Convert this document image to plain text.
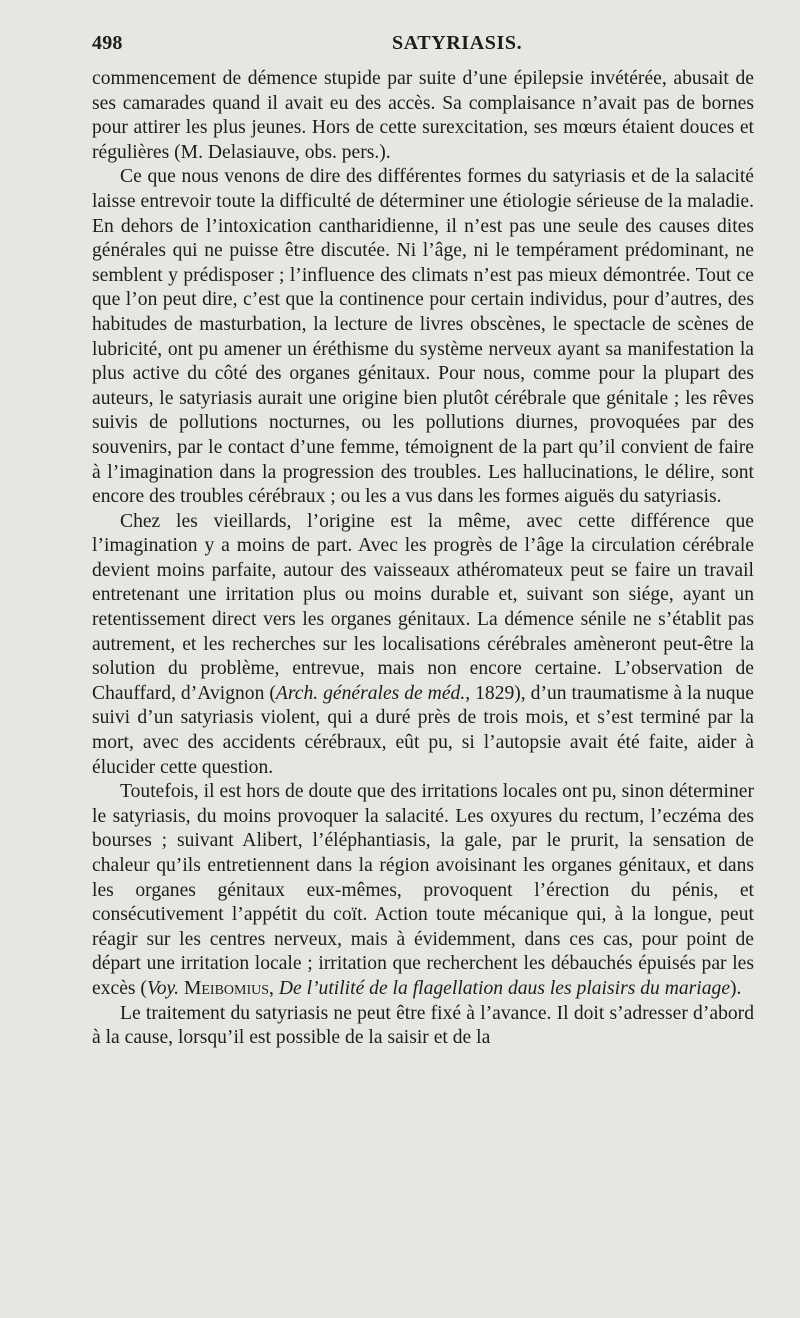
498	SATYRIASIS.

commencement de démence stupide par suite d’une épilepsie invétérée, abusait de ses camarades quand il avait eu des accès. Sa complaisance n’avait pas de bornes pour attirer les plus jeunes. Hors de cette surexcitation, ses mœurs étaient douces et régulières (M. Delasiauve, obs. pers.).

Ce que nous venons de dire des différentes formes du satyriasis et de la salacité laisse entrevoir toute la difficulté de déterminer une étiologie sérieuse de la maladie. En dehors de l’intoxication cantharidienne, il n’est pas une seule des causes dites générales qui ne puisse être discutée. Ni l’âge, ni le tempérament prédominant, ne semblent y prédisposer ; l’influence des climats n’est pas mieux démontrée. Tout ce que l’on peut dire, c’est que la continence pour certain individus, pour d’autres, des habitudes de masturbation, la lecture de livres obscènes, le spectacle de scènes de lubricité, ont pu amener un éréthisme du système nerveux ayant sa manifestation la plus active du côté des organes génitaux. Pour nous, comme pour la plupart des auteurs, le satyriasis aurait une origine bien plutôt cérébrale que génitale ; les rêves suivis de pollutions nocturnes, ou les pollutions diurnes, provoquées par des souvenirs, par le contact d’une femme, témoignent de la part qu’il convient de faire à l’imagination dans la progression des troubles. Les hallucinations, le délire, sont encore des troubles cérébraux ; ou les a vus dans les formes aiguës du satyriasis.

Chez les vieillards, l’origine est la même, avec cette différence que l’imagination y a moins de part. Avec les progrès de l’âge la circulation cérébrale devient moins parfaite, autour des vaisseaux athéromateux peut se faire un travail entretenant une irritation plus ou moins durable et, suivant son siége, ayant un retentissement direct vers les organes génitaux. La démence sénile ne s’établit pas autrement, et les recherches sur les localisations cérébrales amèneront peut-être la solution du problème, entrevue, mais non encore certaine. L’observation de Chauffard, d’Avignon (Arch. générales de méd., 1829), d’un traumatisme à la nuque suivi d’un satyriasis violent, qui a duré près de trois mois, et s’est terminé par la mort, avec des accidents cérébraux, eût pu, si l’autopsie avait été faite, aider à élucider cette question.

Toutefois, il est hors de doute que des irritations locales ont pu, sinon déterminer le satyriasis, du moins provoquer la salacité. Les oxyures du rectum, l’eczéma des bourses ; suivant Alibert, l’éléphantiasis, la gale, par le prurit, la sensation de chaleur qu’ils entretiennent dans la région avoisinant les organes génitaux, et dans les organes génitaux eux-mêmes, provoquent l’érection du pénis, et consécutivement l’appétit du coït. Action toute mécanique qui, à la longue, peut réagir sur les centres nerveux, mais à évidemment, dans ces cas, pour point de départ une irritation locale ; irritation que recherchent les débauchés épuisés par les excès (Voy. Meibomius, De l’utilité de la flagellation daus les plaisirs du mariage).

Le traitement du satyriasis ne peut être fixé à l’avance. Il doit s’adresser d’abord à la cause, lorsqu’il est possible de la saisir et de la
